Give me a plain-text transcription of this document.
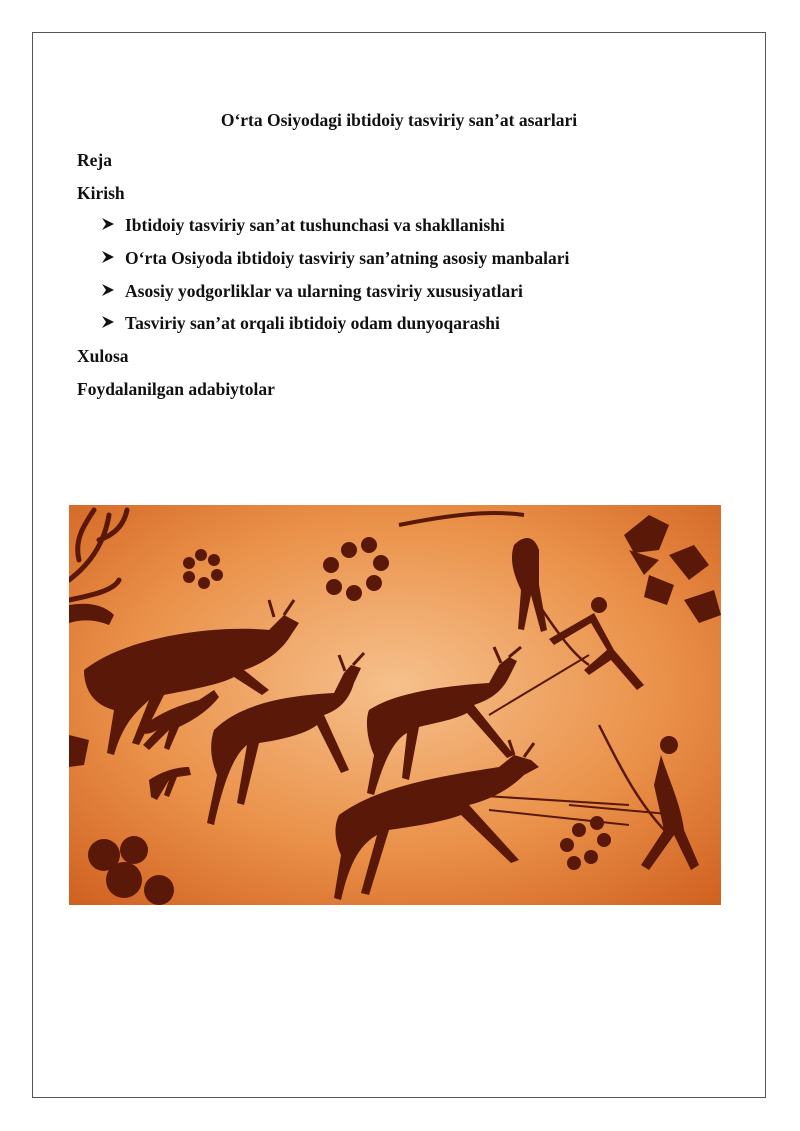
O‘rta Osiyodagi ibtidoiy tasviriy san’at asarlari
Reja
Kirish
Ibtidoiy tasviriy san’at tushunchasi va shakllanishi
O‘rta Osiyoda ibtidoiy tasviriy san’atning asosiy manbalari
Asosiy yodgorliklar va ularning tasviriy xususiyatlari
Tasviriy san’at orqali ibtidoiy odam dunyoqarashi
Xulosa
Foydalanilgan adabiytolar
